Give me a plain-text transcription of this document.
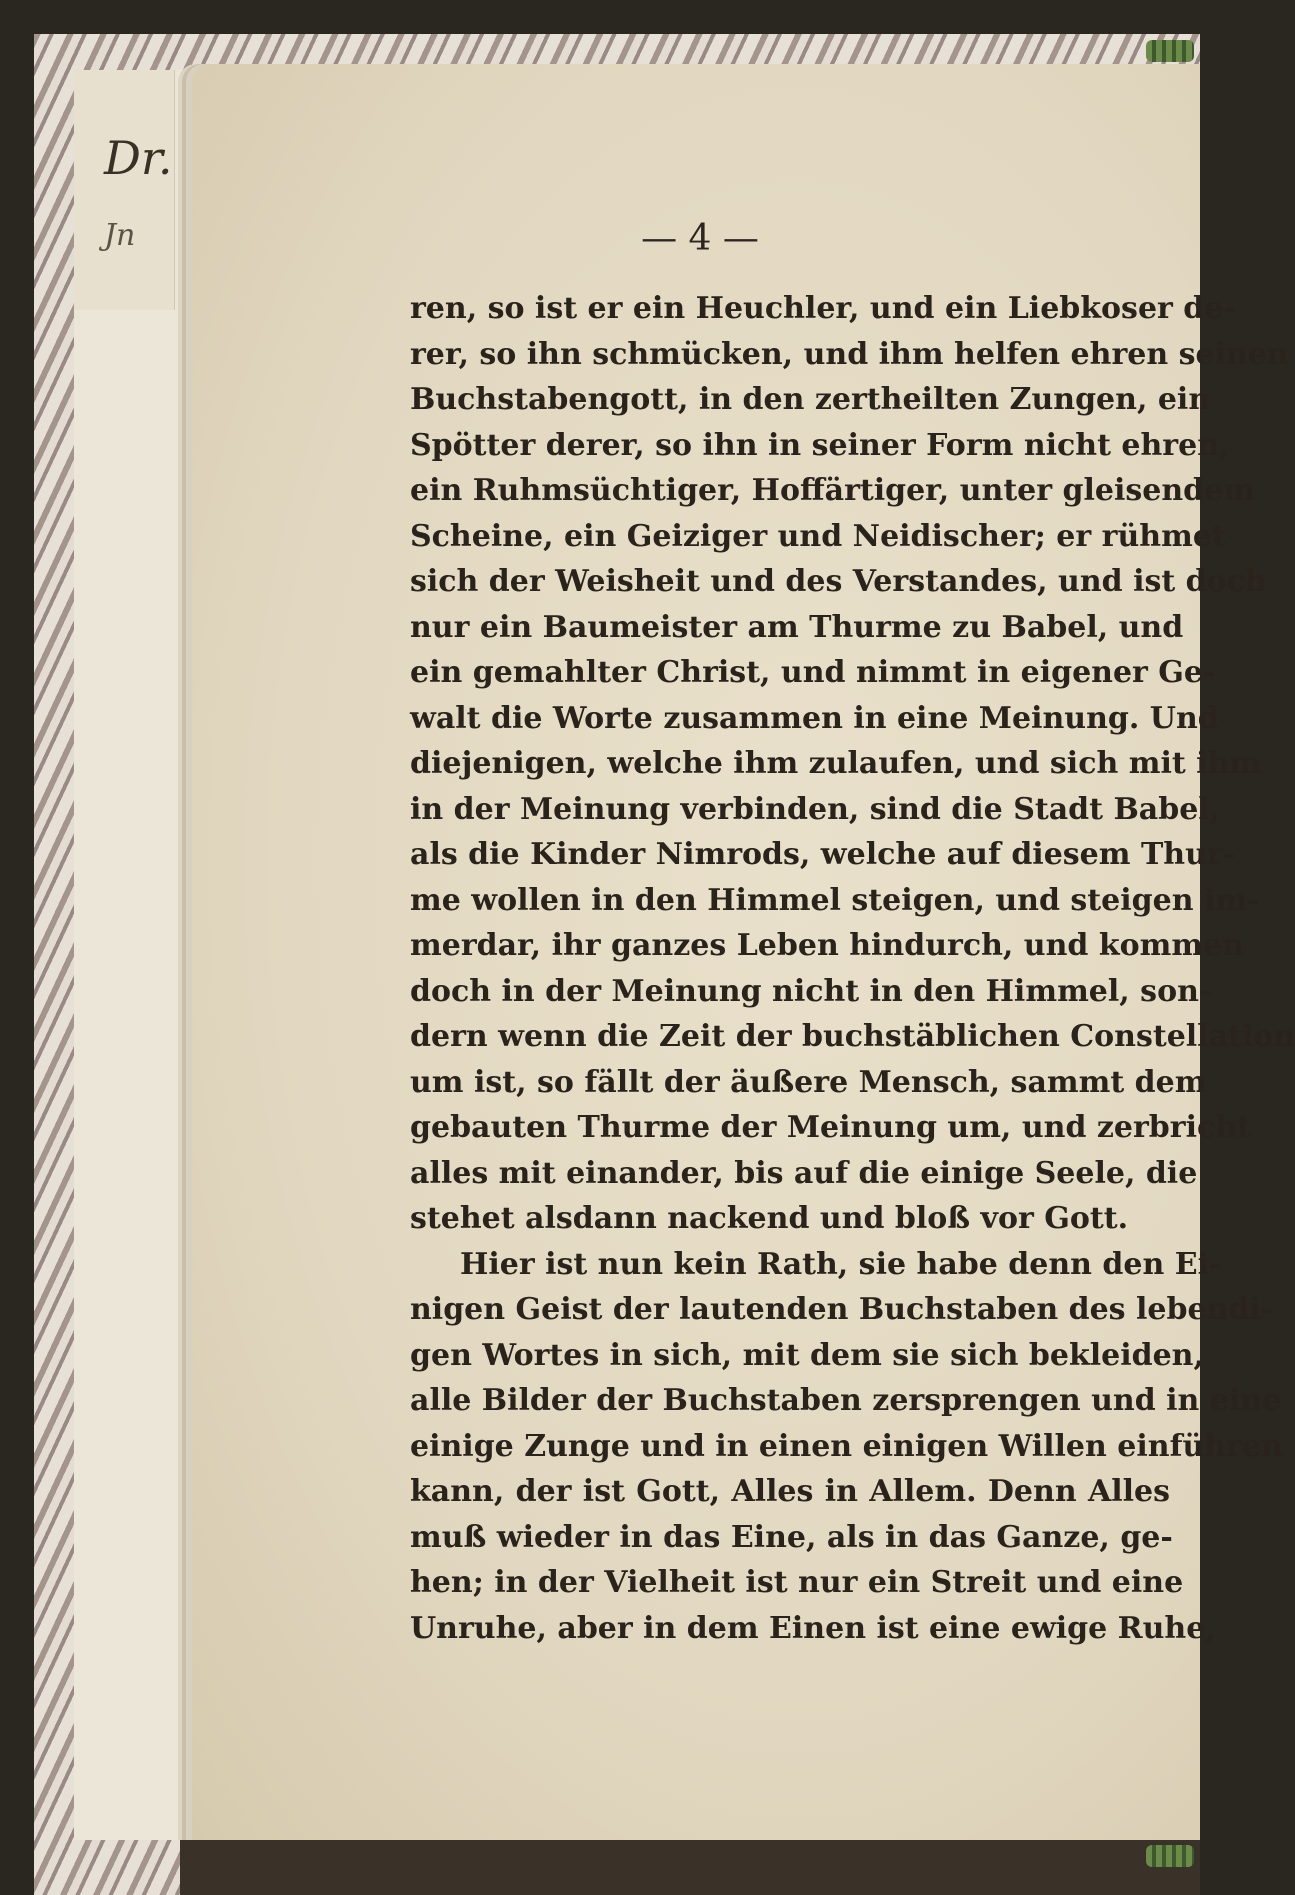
Dr.
Jn	— 4 —
ren, so ist er ein Heuchler, und ein Liebkoser de-
rer, so ihn schmücken, und ihm helfen ehren seinen
Buchstabengott, in den zertheilten Zungen, ein
Spötter derer, so ihn in seiner Form nicht ehren,
ein Ruhmsüchtiger, Hoffärtiger, unter gleisendem
Scheine, ein Geiziger und Neidischer; er rühmet
sich der Weisheit und des Verstandes, und ist doch
nur ein Baumeister am Thurme zu Babel, und
ein gemahlter Christ, und nimmt in eigener Ge-
walt die Worte zusammen in eine Meinung. Und
diejenigen, welche ihm zulaufen, und sich mit ihm
in der Meinung verbinden, sind die Stadt Babel,
als die Kinder Nimrods, welche auf diesem Thur-
me wollen in den Himmel steigen, und steigen im-
merdar, ihr ganzes Leben hindurch, und kommen
doch in der Meinung nicht in den Himmel, son-
dern wenn die Zeit der buchstäblichen Constellation
um ist, so fällt der äußere Mensch, sammt dem
gebauten Thurme der Meinung um, und zerbricht
alles mit einander, bis auf die einige Seele, die
stehet alsdann nackend und bloß vor Gott.
Hier ist nun kein Rath, sie habe denn den Ei-
nigen Geist der lautenden Buchstaben des lebendi-
gen Wortes in sich, mit dem sie sich bekleiden,
alle Bilder der Buchstaben zersprengen und in eine
einige Zunge und in einen einigen Willen einführen
kann, der ist Gott, Alles in Allem. Denn Alles
muß wieder in das Eine, als in das Ganze, ge-
hen; in der Vielheit ist nur ein Streit und eine
Unruhe, aber in dem Einen ist eine ewige Ruhe,
